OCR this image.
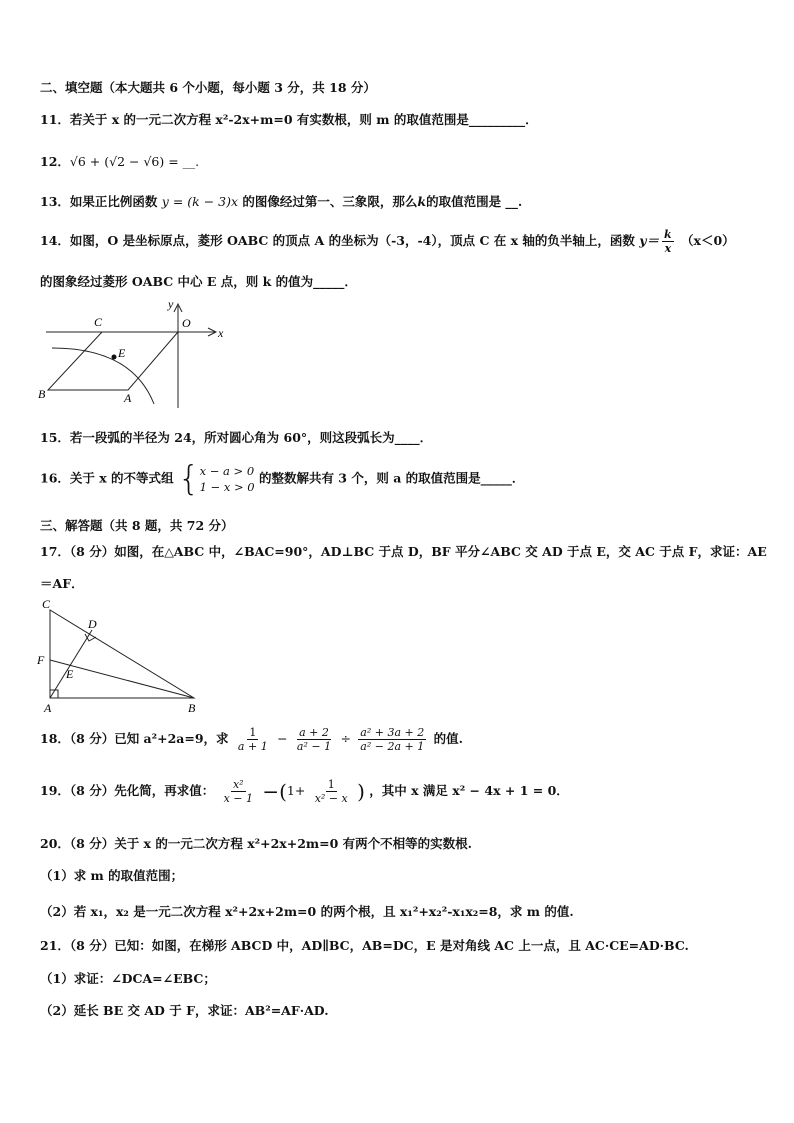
二、填空题（本大题共 6 个小题，每小题 3 分，共 18 分）
11．若关于 x 的一元二次方程 x²-2x+m=0 有实数根，则 m 的取值范围是_________．
12．√6 + (√2 − √6) = __.
13．如果正比例函数 y = (k − 3)x 的图像经过第一、三象限，那么k的取值范围是 __.
14．如图，O 是坐标原点，菱形 OABC 的顶点 A 的坐标为（-3，-4），顶点 C 在 x 轴的负半轴上，函数 $y= \frac{k}{x} (x<0)$
的图象经过菱形 OABC 中心 E 点，则 k 的值为_____．
C	O
x
y
E
B	A
15．若一段弧的半径为 24，所对圆心角为 60°，则这段弧长为____．
16．关于 x 的不等式组 { x − a > 0
1 − x > 0
的整数解共有 3 个，则 a 的取值范围是_____．
三、解答题（共 8 题，共 72 分）
17．（8 分）如图，在△ABC 中，∠BAC=90°，AD⊥BC 于点 D，BF 平分∠ABC 交 AD 于点 E，交 AC 于点 F，求证：AE
＝AF．
C
D
F
E
A	B
18．（8 分）已知 a²+2a=9，求 $\frac{1}{a + 1} - \frac{a + 2}{\text{a² − 1}} \div \frac{\text{a² + 3a + 2}}{\text{a² − 2a + 1}}$ 的值.
19．（8 分）先化简，再求值： $\frac{\text{x²}}{x - 1} -(1+ \frac{1}{\text{x² − x}}$ ) ，其中 x 满足 x² − 4x + 1 = 0．
20．（8 分）关于 x 的一元二次方程 x²+2x+2m=0 有两个不相等的实数根.
（1）求 m 的取值范围；
（2）若 x₁，x₂ 是一元二次方程 x²+2x+2m=0 的两个根，且 x₁²+x₂²-x₁x₂=8，求 m 的值.
21．（8 分）已知：如图，在梯形 ABCD 中，AD∥BC，AB=DC，E 是对角线 AC 上一点，且 AC·CE=AD·BC.
（1）求证：∠DCA=∠EBC；
（2）延长 BE 交 AD 于 F，求证：AB²=AF·AD.
